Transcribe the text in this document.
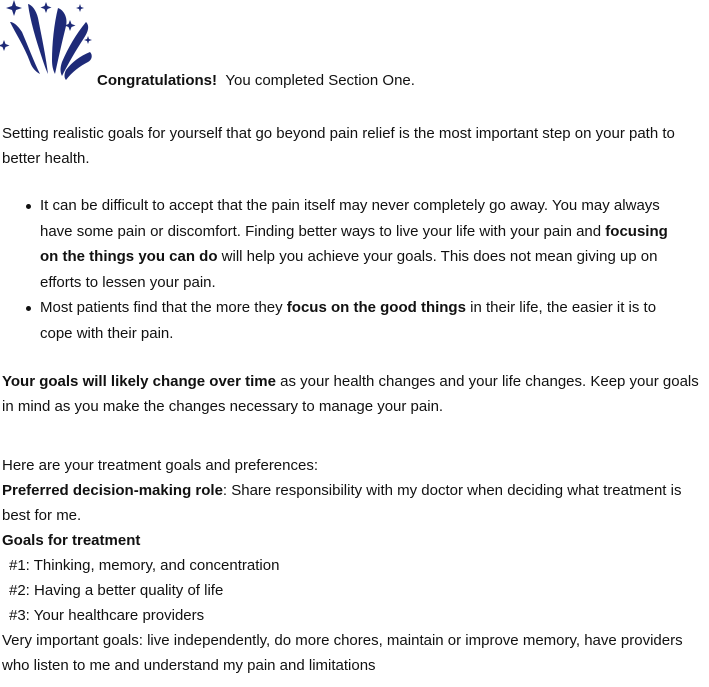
Congratulations! You completed Section One.

Setting realistic goals for yourself that go beyond pain relief is the most important step on your path to better health.

It can be difficult to accept that the pain itself may never completely go away. You may always have some pain or discomfort. Finding better ways to live your life with your pain and focusing on the things you can do will help you achieve your goals. This does not mean giving up on efforts to lessen your pain.
Most patients find that the more they focus on the good things in their life, the easier it is to cope with their pain.

Your goals will likely change over time as your health changes and your life changes. Keep your goals in mind as you make the changes necessary to manage your pain.

Here are your treatment goals and preferences:
Preferred decision-making role: Share responsibility with my doctor when deciding what treatment is best for me.
Goals for treatment
#1: Thinking, memory, and concentration
#2: Having a better quality of life
#3: Your healthcare providers
Very important goals: live independently, do more chores, maintain or improve memory, have providers who listen to me and understand my pain and limitations
